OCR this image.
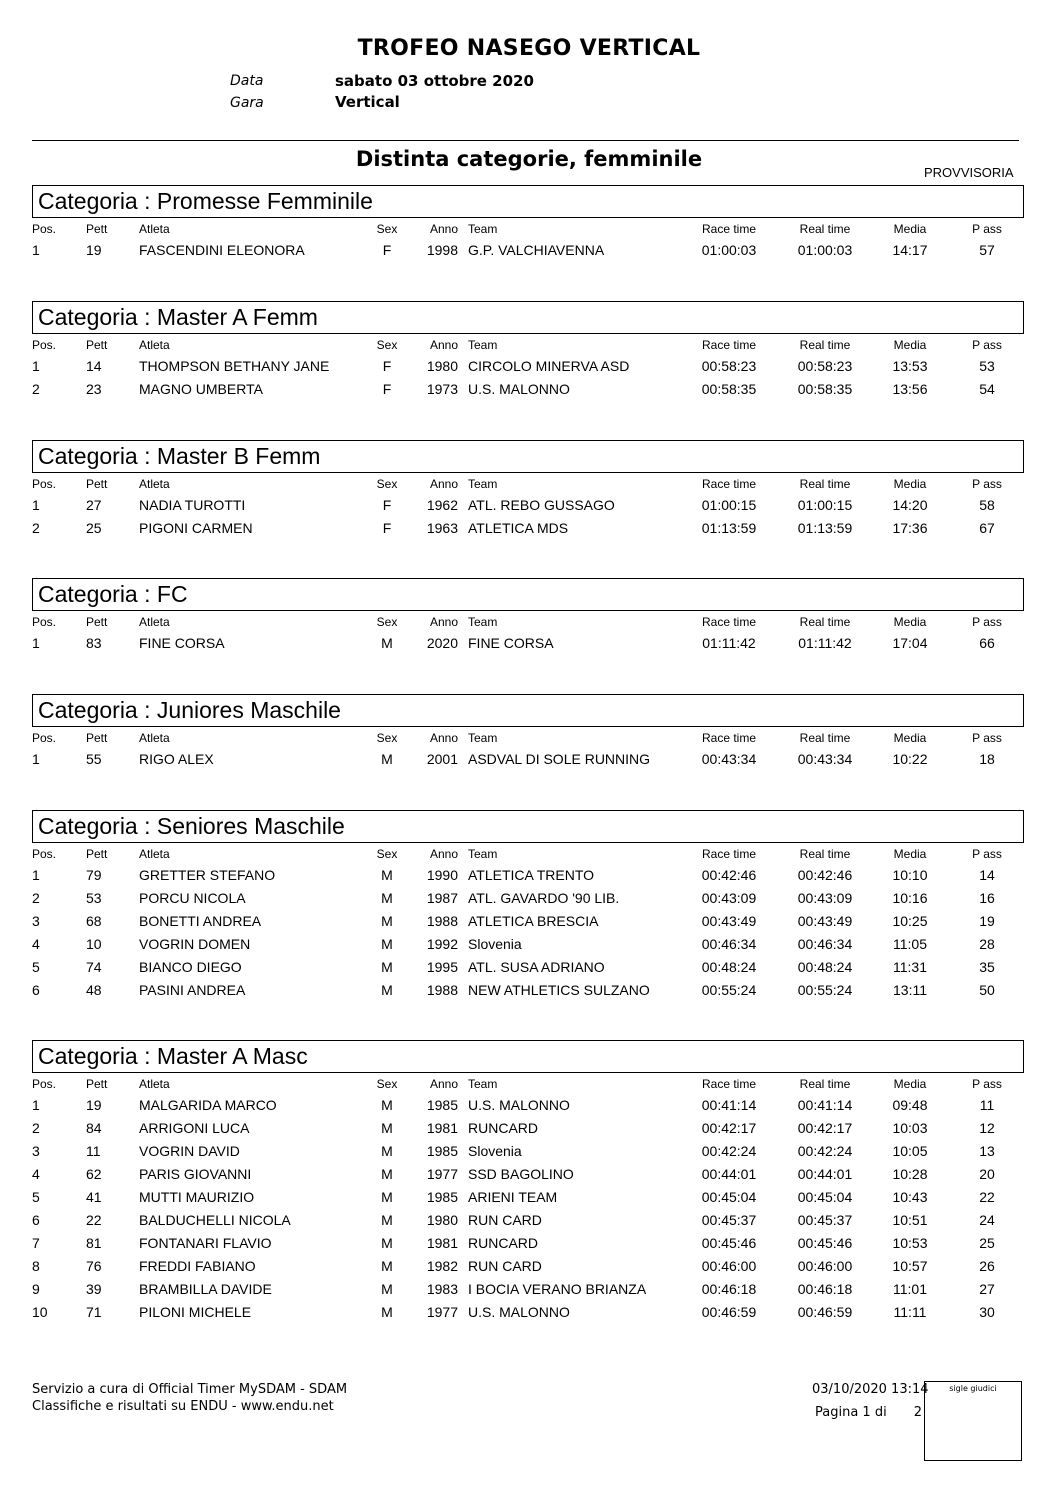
TROFEO NASEGO VERTICAL
Data	sabato 03 ottobre 2020
Gara	Vertical
Distinta categorie, femminile
PROVVISORIA
Categoria : Promesse Femminile
Pos. Pett	Atleta	Sex	Anno Team	Race time	Real time	Media	P ass
1	19	FASCENDINI ELEONORA	F	1998 G.P. VALCHIAVENNA	01:00:03	01:00:03	14:17	57
Categoria : Master A Femm
Pos. Pett	Atleta	Sex	Anno Team	Race time	Real time	Media	P ass
1	14	THOMPSON BETHANY JANE	F	1980 CIRCOLO MINERVA ASD	00:58:23	00:58:23	13:53	53
2	23	MAGNO UMBERTA	F	1973 U.S. MALONNO	00:58:35	00:58:35	13:56	54
Categoria : Master B Femm
Pos. Pett	Atleta	Sex	Anno Team	Race time	Real time	Media	P ass
1	27	NADIA TUROTTI	F	1962 ATL. REBO GUSSAGO	01:00:15	01:00:15	14:20	58
2	25	PIGONI CARMEN	F	1963 ATLETICA MDS	01:13:59	01:13:59	17:36	67
Categoria : FC
Pos. Pett	Atleta	Sex	Anno Team	Race time	Real time	Media	P ass
1	83	FINE CORSA	M	2020 FINE CORSA	01:11:42	01:11:42	17:04	66
Categoria : Juniores Maschile
Pos. Pett	Atleta	Sex	Anno Team	Race time	Real time	Media	P ass
1	55	RIGO ALEX	M	2001 ASDVAL DI SOLE RUNNING	00:43:34	00:43:34	10:22	18
Categoria : Seniores Maschile
Pos. Pett	Atleta	Sex	Anno Team	Race time	Real time	Media	P ass
1	79	GRETTER STEFANO	M	1990 ATLETICA TRENTO	00:42:46	00:42:46	10:10	14
2	53	PORCU NICOLA	M	1987 ATL. GAVARDO '90 LIB.	00:43:09	00:43:09	10:16	16
3	68	BONETTI ANDREA	M	1988 ATLETICA BRESCIA	00:43:49	00:43:49	10:25	19
4	10	VOGRIN DOMEN	M	1992 Slovenia	00:46:34	00:46:34	11:05	28
5	74	BIANCO DIEGO	M	1995 ATL. SUSA ADRIANO	00:48:24	00:48:24	11:31	35
6	48	PASINI ANDREA	M	1988 NEW ATHLETICS SULZANO	00:55:24	00:55:24	13:11	50
Categoria : Master A Masc
Pos. Pett	Atleta	Sex	Anno Team	Race time	Real time	Media	P ass
1	19	MALGARIDA MARCO	M	1985 U.S. MALONNO	00:41:14	00:41:14	09:48	11
2	84	ARRIGONI LUCA	M	1981 RUNCARD	00:42:17	00:42:17	10:03	12
3	11	VOGRIN DAVID	M	1985 Slovenia	00:42:24	00:42:24	10:05	13
4	62	PARIS GIOVANNI	M	1977 SSD BAGOLINO	00:44:01	00:44:01	10:28	20
5	41	MUTTI MAURIZIO	M	1985 ARIENI TEAM	00:45:04	00:45:04	10:43	22
6	22	BALDUCHELLI NICOLA	M	1980 RUN CARD	00:45:37	00:45:37	10:51	24
7	81	FONTANARI FLAVIO	M	1981 RUNCARD	00:45:46	00:45:46	10:53	25
8	76	FREDDI FABIANO	M	1982 RUN CARD	00:46:00	00:46:00	10:57	26
9	39	BRAMBILLA DAVIDE	M	1983 I BOCIA VERANO BRIANZA	00:46:18	00:46:18	11:01	27
10	71	PILONI MICHELE	M	1977 U.S. MALONNO	00:46:59	00:46:59	11:11	30
Servizio a cura di Official Timer MySDAM - SDAM
Classifiche e risultati su ENDU - www.endu.net
03/10/2020 13:14
Pagina 1 di	2
sigle giudici
